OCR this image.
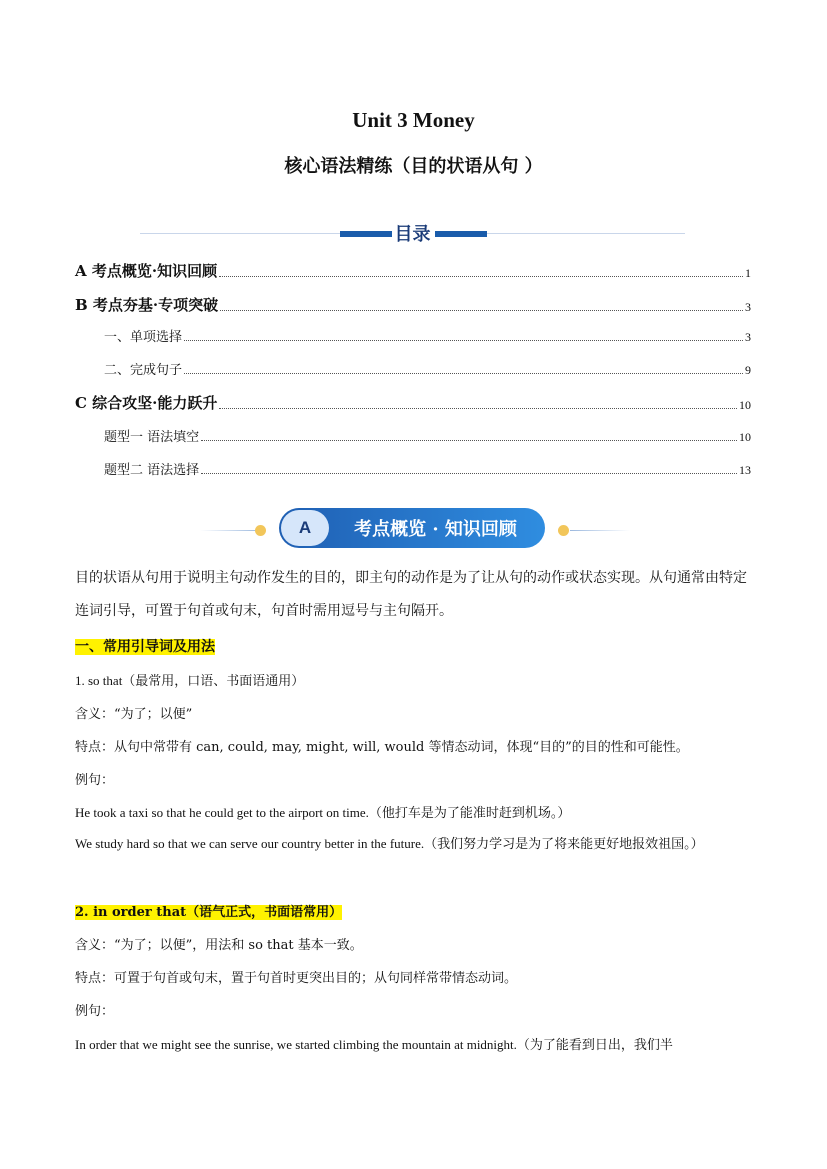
Unit 3 Money
核心语法精练（目的状语从句 ）
目录
A 考点概览·知识回顾	1
B 考点夯基·专项突破	3
一、单项选择	3
二、完成句子	9
C 综合攻坚·能力跃升	10
题型一 语法填空	10
题型二 语法选择	13
A	考点概览 · 知识回顾
目的状语从句用于说明主句动作发生的目的，即主句的动作是为了让从句的动作或状态实现。从句通常由特定连词引导，可置于句首或句末，句首时需用逗号与主句隔开。
一、常用引导词及用法
1. so that（最常用，口语、书面语通用）
含义：“为了；以便”
特点：从句中常带有 can, could, may, might, will, would 等情态动词，体现“目的”的目的性和可能性。
例句：
He took a taxi so that he could get to the airport on time.（他打车是为了能准时赶到机场。）
We study hard so that we can serve our country better in the future.（我们努力学习是为了将来能更好地报效祖国。）
2. in order that（语气正式，书面语常用）
含义：“为了；以便”，用法和 so that 基本一致。
特点：可置于句首或句末，置于句首时更突出目的；从句同样常带情态动词。
例句：
In order that we might see the sunrise, we started climbing the mountain at midnight.（为了能看到日出，我们半
